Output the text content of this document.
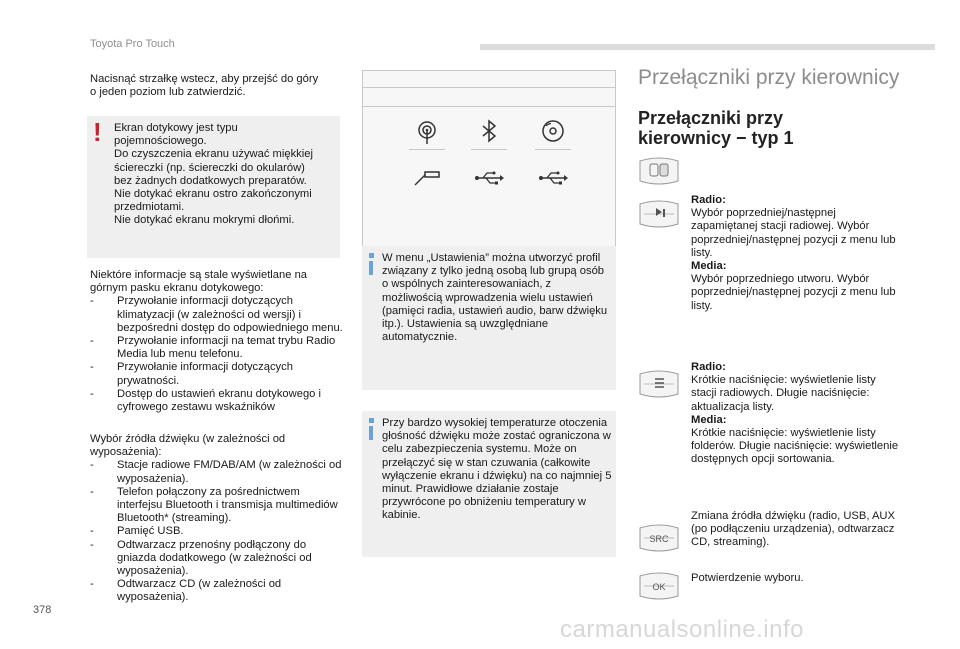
Toyota Pro Touch
Nacisnąć strzałkę wstecz, aby przejść do góry
o jeden poziom lub zatwierdzić.
! Ekran dotykowy jest typu
pojemnościowego.
Do czyszczenia ekranu używać miękkiej
ściereczki (np. ściereczki do okularów)
bez żadnych dodatkowych preparatów.
Nie dotykać ekranu ostro zakończonymi
przedmiotami.
Nie dotykać ekranu mokrymi dłońmi.
Niektóre informacje są stale wyświetlane na
górnym pasku ekranu dotykowego:
- Przywołanie informacji dotyczących klimatyzacji (w zależności od wersji) i bezpośredni dostęp do odpowiedniego menu.
- Przywołanie informacji na temat trybu Radio Media lub menu telefonu.
- Przywołanie informacji dotyczących prywatności.
- Dostęp do ustawień ekranu dotykowego i cyfrowego zestawu wskaźników
Wybór źródła dźwięku (w zależności od
wyposażenia):
- Stacje radiowe FM/DAB/AM (w zależności od wyposażenia).
- Telefon połączony za pośrednictwem interfejsu Bluetooth i transmisja multimediów Bluetooth* (streaming).
- Pamięć USB.
- Odtwarzacz przenośny podłączony do gniazda dodatkowego (w zależności od wyposażenia).
- Odtwarzacz CD (w zależności od wyposażenia).
W menu „Ustawienia” można utworzyć profil związany z tylko jedną osobą lub grupą osób o wspólnych zainteresowaniach, z możliwością wprowadzenia wielu ustawień (pamięci radia, ustawień audio, barw dźwięku itp.). Ustawienia są uwzględniane automatycznie.
Przy bardzo wysokiej temperaturze otoczenia głośność dźwięku może zostać ograniczona w celu zabezpieczenia systemu. Może on przełączyć się w stan czuwania (całkowite wyłączenie ekranu i dźwięku) na co najmniej 5 minut. Prawidłowe działanie zostaje przywrócone po obniżeniu temperatury w kabinie.
Przełączniki przy kierownicy
Przełączniki przy
kierownicy − typ 1
Radio:
Wybór poprzedniej/następnej zapamiętanej stacji radiowej. Wybór poprzedniej/następnej pozycji z menu lub listy.
Media:
Wybór poprzedniego utworu. Wybór poprzedniej/następnej pozycji z menu lub listy.
Radio:
Krótkie naciśnięcie: wyświetlenie listy stacji radiowych. Długie naciśnięcie: aktualizacja listy.
Media:
Krótkie naciśnięcie: wyświetlenie listy folderów. Długie naciśnięcie: wyświetlenie dostępnych opcji sortowania.
SRC
Zmiana źródła dźwięku (radio, USB, AUX (po podłączeniu urządzenia), odtwarzacz CD, streaming).
OK
Potwierdzenie wyboru.
378
carmanualsonline.info
